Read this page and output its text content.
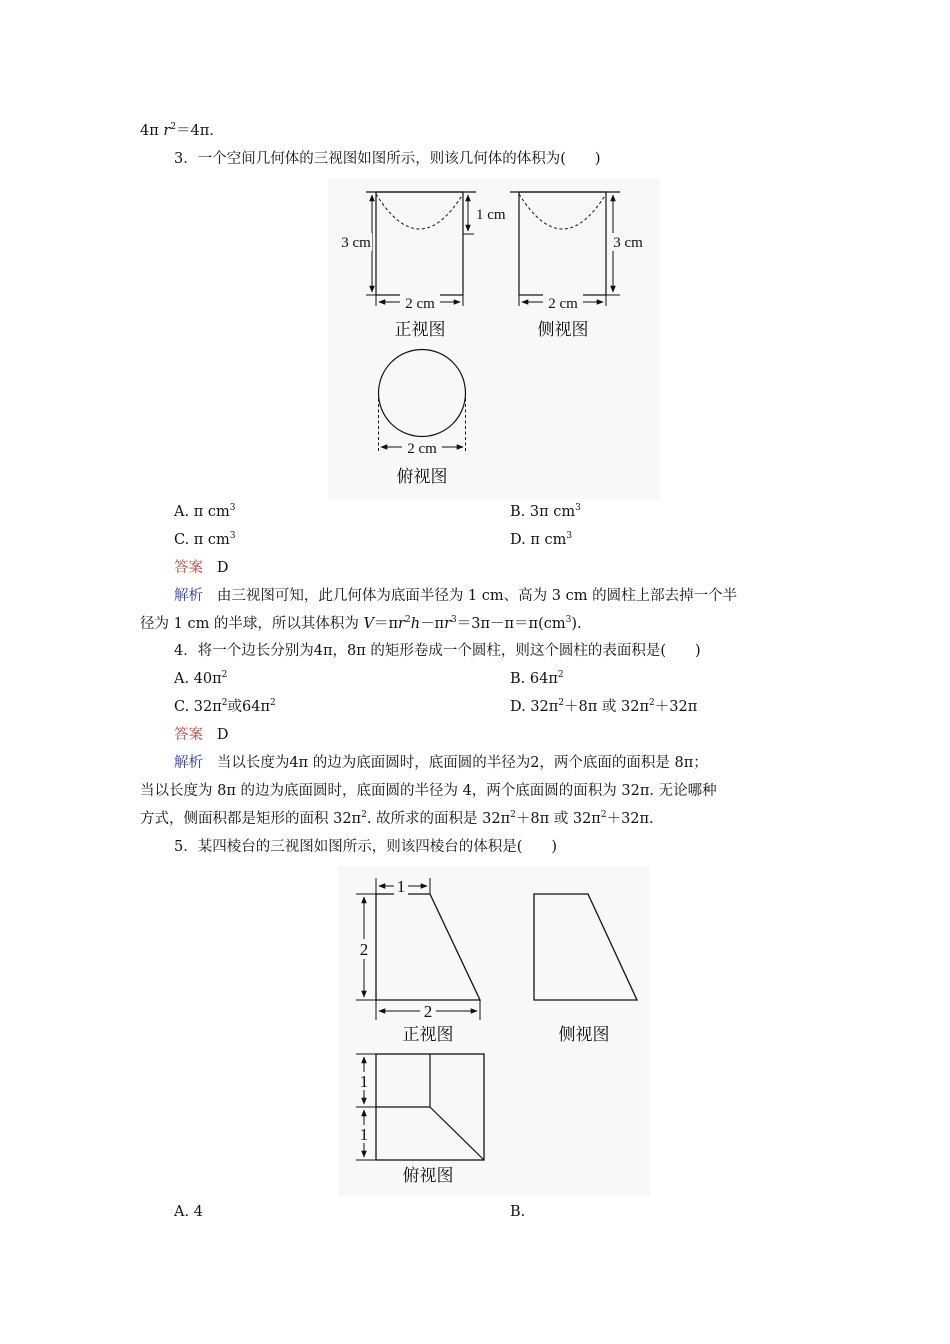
4π $r^2=4\pi$.
3．一个空间几何体的三视图如图所示，则该几何体的体积为(　　)
3 cm
1 cm
2 cm
正视图
3 cm
2 cm
侧视图
2 cm
俯视图
A. π $cm^3$	B. 3π $cm^3$
C. π $cm^3$	D. π $cm^3$
答案 D
解析 由三视图可知，此几何体为底面半径为 1 cm、高为 3 cm 的圆柱上部去掉一个半
径为 1 cm 的半球，所以其体积为 $V=\pi r^2h-\pi r^3=3\pi-\pi=\pi(cm^3)$.
4．将一个边长分别为4π，8π 的矩形卷成一个圆柱，则这个圆柱的表面积是(　　)
A. $40\pi^2$	B. $64\pi^2$
C. $32\pi^2$或$64\pi^2$	D. $32\pi^2+8\pi$ 或 $32\pi^2+32\pi$
答案 D
解析 当以长度为4π 的边为底面圆时，底面圆的半径为2，两个底面的面积是 8π；
当以长度为 8π 的边为底面圆时，底面圆的半径为 4，两个底面圆的面积为 32π. 无论哪种
方式，侧面积都是矩形的面积 $32\pi^2$. 故所求的面积是 $32\pi^2+8\pi$ 或 $32\pi^2+32\pi$.
5．某四棱台的三视图如图所示，则该四棱台的体积是(　　)
1
2
2
正视图	侧视图
1
1
俯视图
A. 4	B.
